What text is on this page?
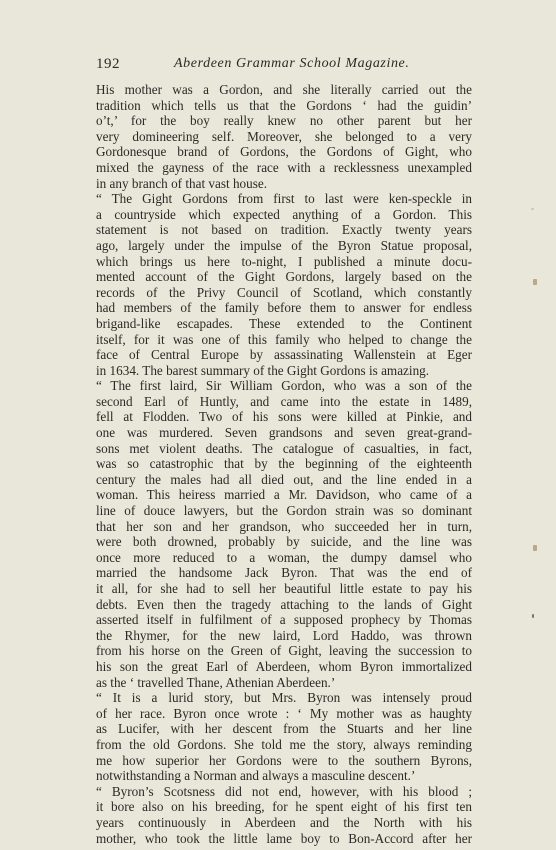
192	Aberdeen Grammar School Magazine.
His mother was a Gordon, and she literally carried out the
tradition which tells us that the Gordons ‘ had the guidin’
o’t,’ for the boy really knew no other parent but her
very domineering self. Moreover, she belonged to a very
Gordonesque brand of Gordons, the Gordons of Gight, who
mixed the gayness of the race with a recklessness unexampled
in any branch of that vast house.
“ The Gight Gordons from first to last were ken-speckle in
a countryside which expected anything of a Gordon. This
statement is not based on tradition. Exactly twenty years
ago, largely under the impulse of the Byron Statue proposal,
which brings us here to-night, I published a minute docu-
mented account of the Gight Gordons, largely based on the
records of the Privy Council of Scotland, which constantly
had members of the family before them to answer for endless
brigand-like escapades. These extended to the Continent
itself, for it was one of this family who helped to change the
face of Central Europe by assassinating Wallenstein at Eger
in 1634. The barest summary of the Gight Gordons is amazing.
“ The first laird, Sir William Gordon, who was a son of the
second Earl of Huntly, and came into the estate in 1489,
fell at Flodden. Two of his sons were killed at Pinkie, and
one was murdered. Seven grandsons and seven great-grand-
sons met violent deaths. The catalogue of casualties, in fact,
was so catastrophic that by the beginning of the eighteenth
century the males had all died out, and the line ended in a
woman. This heiress married a Mr. Davidson, who came of a
line of douce lawyers, but the Gordon strain was so dominant
that her son and her grandson, who succeeded her in turn,
were both drowned, probably by suicide, and the line was
once more reduced to a woman, the dumpy damsel who
married the handsome Jack Byron. That was the end of
it all, for she had to sell her beautiful little estate to pay his
debts. Even then the tragedy attaching to the lands of Gight
asserted itself in fulfilment of a supposed prophecy by Thomas
the Rhymer, for the new laird, Lord Haddo, was thrown
from his horse on the Green of Gight, leaving the succession to
his son the great Earl of Aberdeen, whom Byron immortalized
as the ‘ travelled Thane, Athenian Aberdeen.’
“ It is a lurid story, but Mrs. Byron was intensely proud
of her race. Byron once wrote : ‘ My mother was as haughty
as Lucifer, with her descent from the Stuarts and her line
from the old Gordons. She told me the story, always reminding
me how superior her Gordons were to the southern Byrons,
notwithstanding a Norman and always a masculine descent.’
“ Byron’s Scotsness did not end, however, with his blood ;
it bore also on his breeding, for he spent eight of his first ten
years continuously in Aberdeen and the North with his
mother, who took the little lame boy to Bon-Accord after her
